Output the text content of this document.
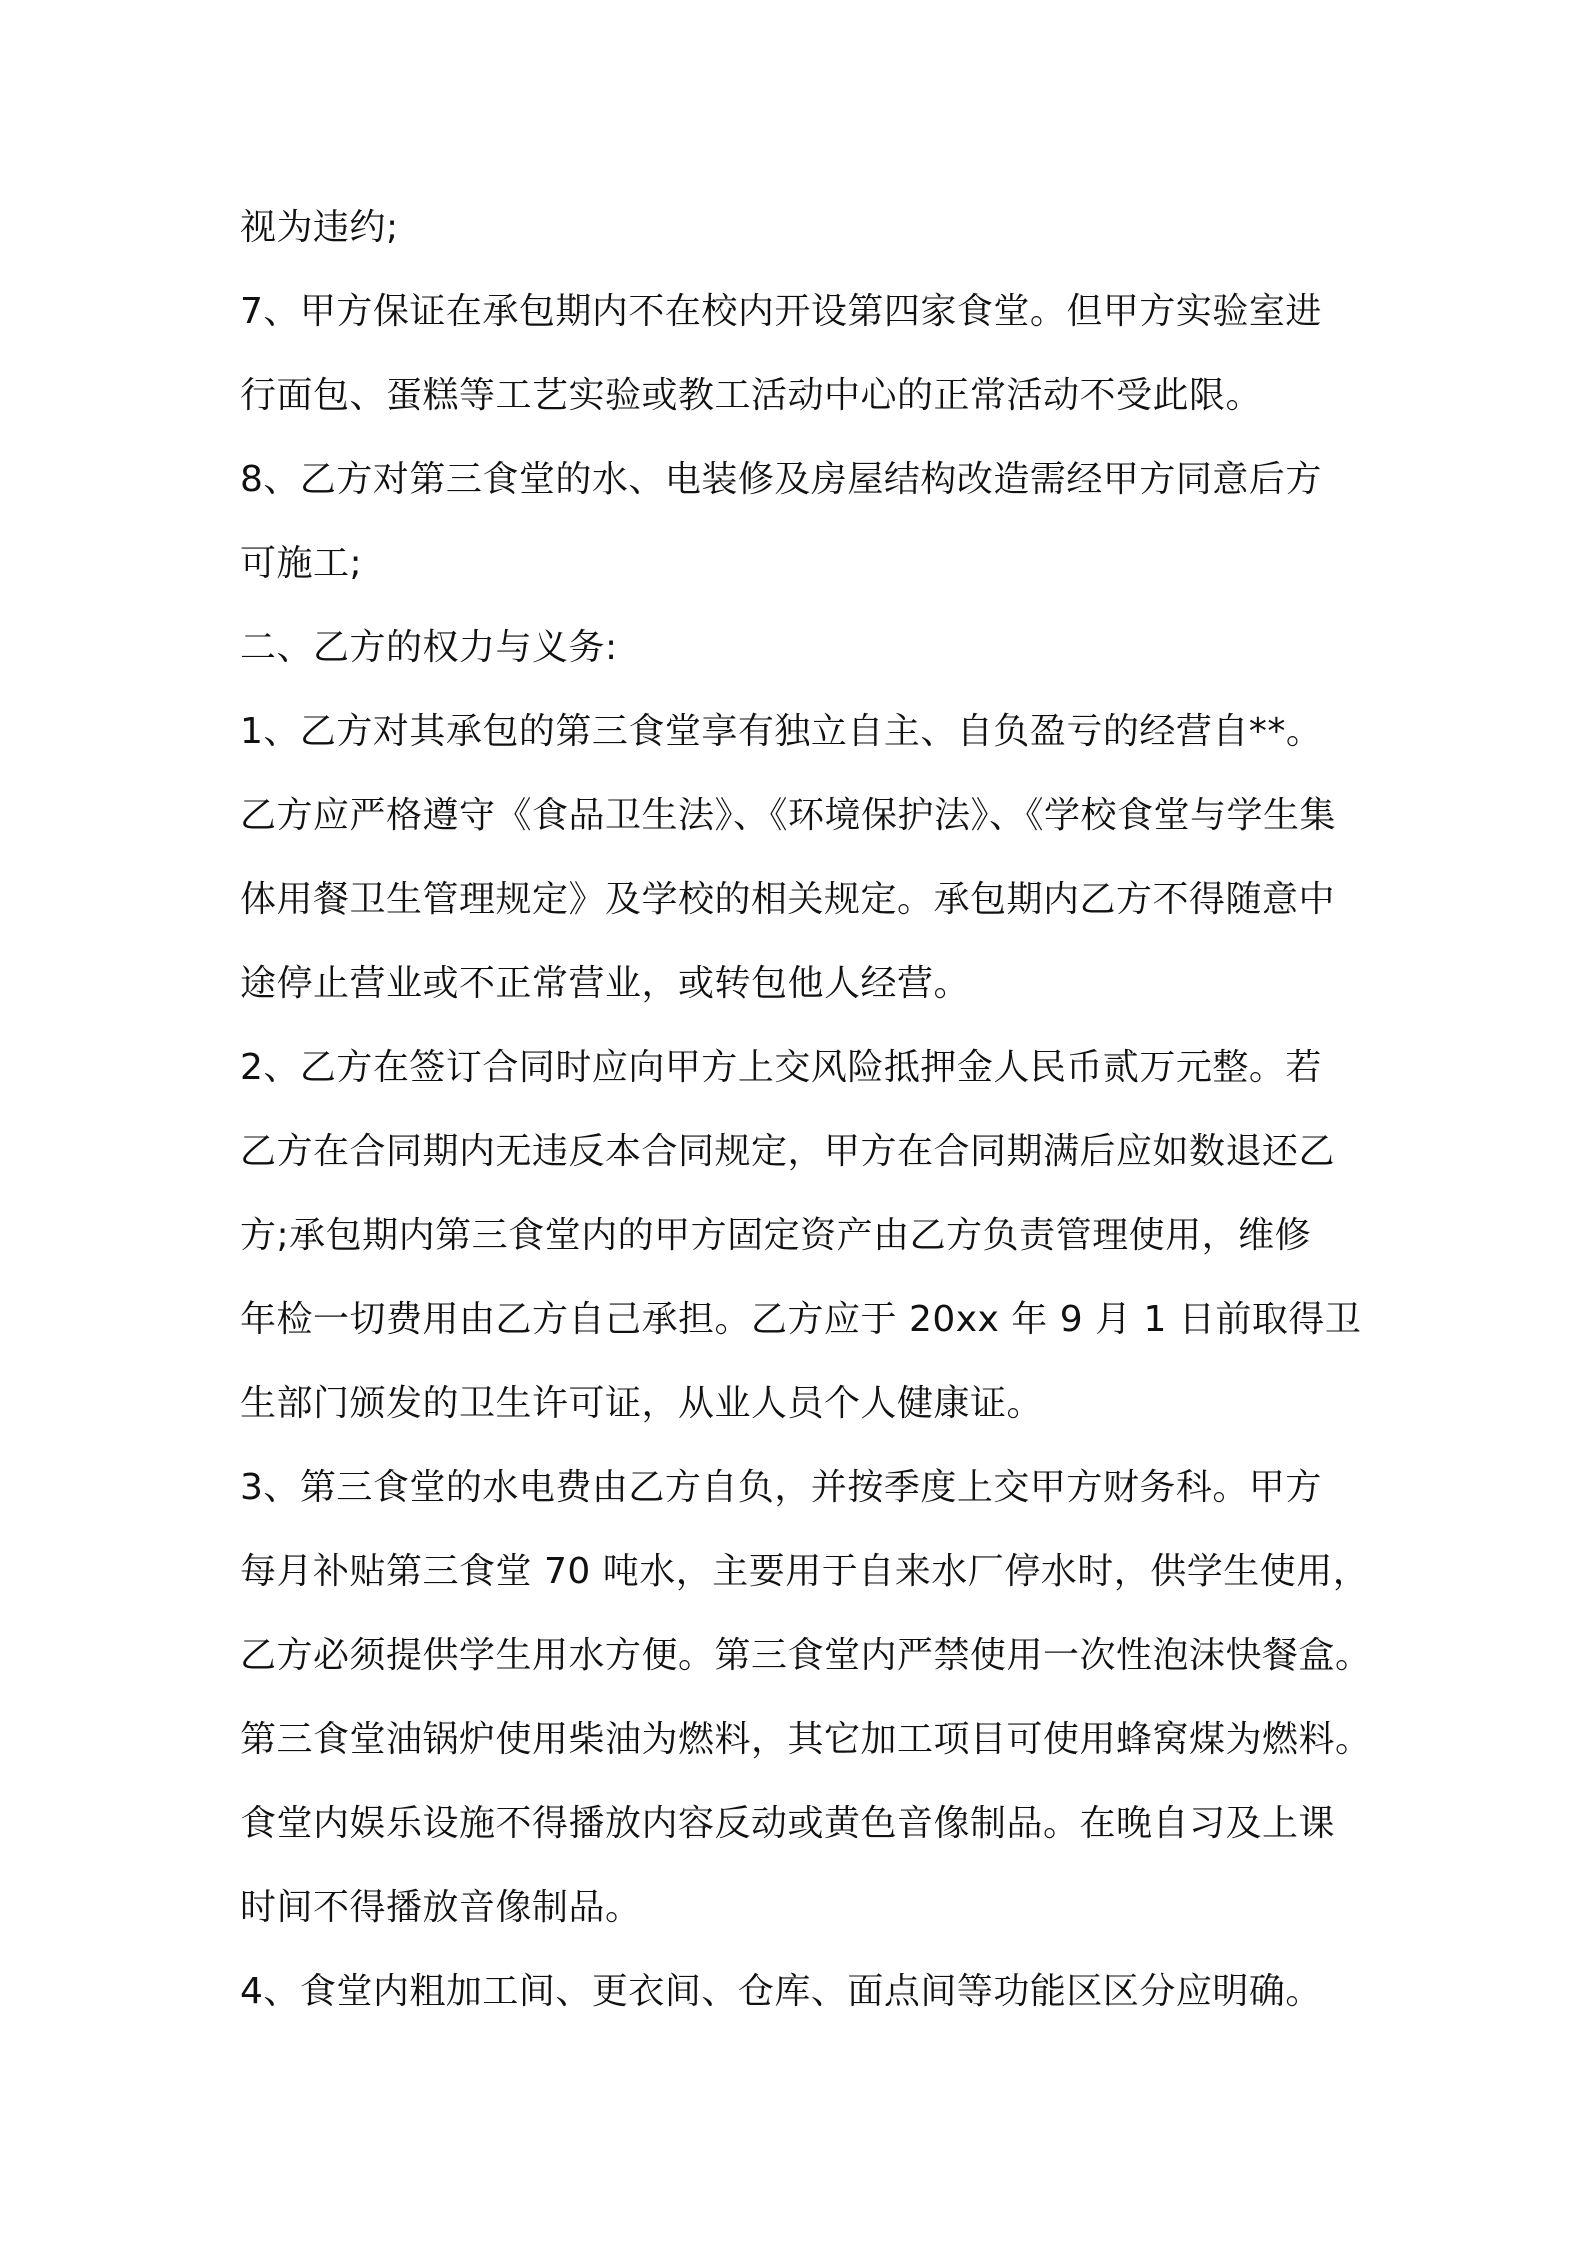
视为违约;
7、甲方保证在承包期内不在校内开设第四家食堂。但甲方实验室进
行面包、蛋糕等工艺实验或教工活动中心的正常活动不受此限。
8、乙方对第三食堂的水、电装修及房屋结构改造需经甲方同意后方
可施工;
二、乙方的权力与义务:
1、乙方对其承包的第三食堂享有独立自主、自负盈亏的经营自**。
乙方应严格遵守《食品卫生法》、《环境保护法》、《学校食堂与学生集
体用餐卫生管理规定》及学校的相关规定。承包期内乙方不得随意中
途停止营业或不正常营业，或转包他人经营。
2、乙方在签订合同时应向甲方上交风险抵押金人民币贰万元整。若
乙方在合同期内无违反本合同规定，甲方在合同期满后应如数退还乙
方;承包期内第三食堂内的甲方固定资产由乙方负责管理使用，维修
年检一切费用由乙方自己承担。乙方应于 20xx 年 9 月 1 日前取得卫
生部门颁发的卫生许可证，从业人员个人健康证。
3、第三食堂的水电费由乙方自负，并按季度上交甲方财务科。甲方
每月补贴第三食堂 70 吨水，主要用于自来水厂停水时，供学生使用，
乙方必须提供学生用水方便。第三食堂内严禁使用一次性泡沫快餐盒。
第三食堂油锅炉使用柴油为燃料，其它加工项目可使用蜂窝煤为燃料。
食堂内娱乐设施不得播放内容反动或黄色音像制品。在晚自习及上课
时间不得播放音像制品。
4、食堂内粗加工间、更衣间、仓库、面点间等功能区区分应明确。
